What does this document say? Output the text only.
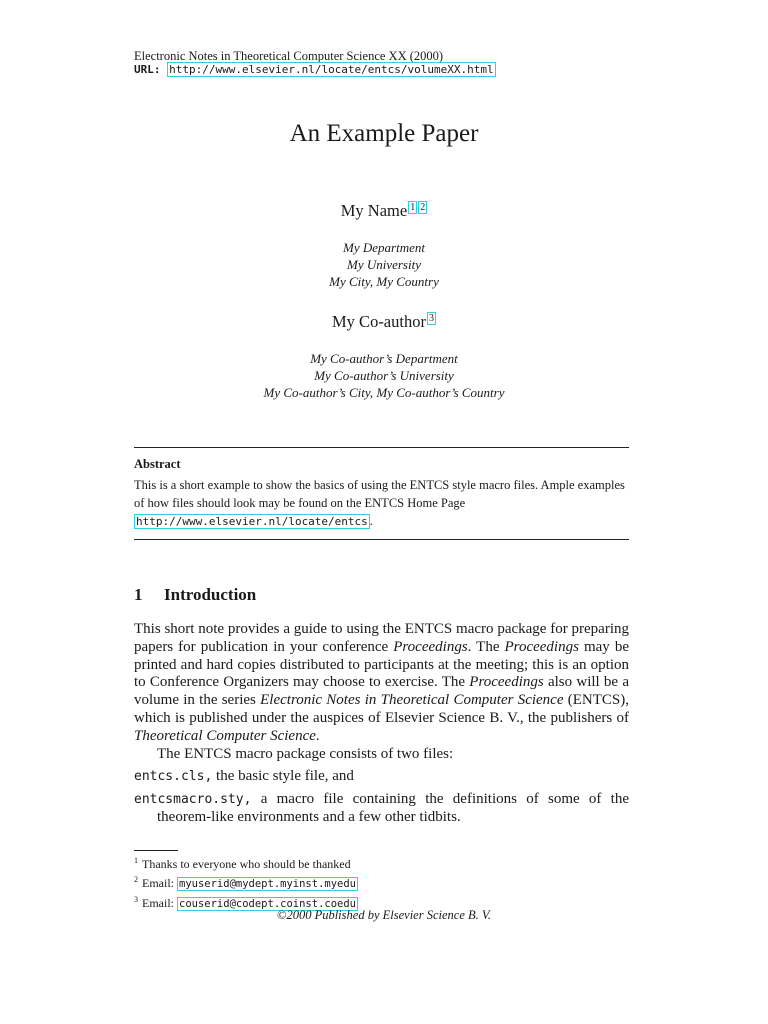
Electronic Notes in Theoretical Computer Science XX (2000)
URL: http://www.elsevier.nl/locate/entcs/volumeXX.html
An Example Paper
My Name $^{1 2}$
My Department
My University
My City, My Country
My Co-author $^3$
My Co-author’s Department
My Co-author’s University
My Co-author’s City, My Co-author’s Country
Abstract
This is a short example to show the basics of using the ENTCS style macro files. Ample examples of how files should look may be found on the ENTCS Home Page http://www.elsevier.nl/locate/entcs .
1 Introduction

This short note provides a guide to using the ENTCS macro package for preparing papers for publication in your conference Proceedings. The Proceedings may be printed and hard copies distributed to participants at the meeting; this is an option to Conference Organizers may choose to exercise. The Proceedings also will be a volume in the series Electronic Notes in Theoretical Computer Science (ENTCS), which is published under the auspices of Elsevier Science B. V., the publishers of Theoretical Computer Science.

The ENTCS macro package consists of two files:

entcs.cls, the basic style file, and
entcsmacro.sty, a macro file containing the definitions of some of the theorem-like environments and a few other tidbits.
$^1$ Thanks to everyone who should be thanked
$^2$ Email: myuserid@mydept.myinst.myedu
$^3$ Email: couserid@codept.coinst.coedu
©2000 Published by Elsevier Science B. V.
